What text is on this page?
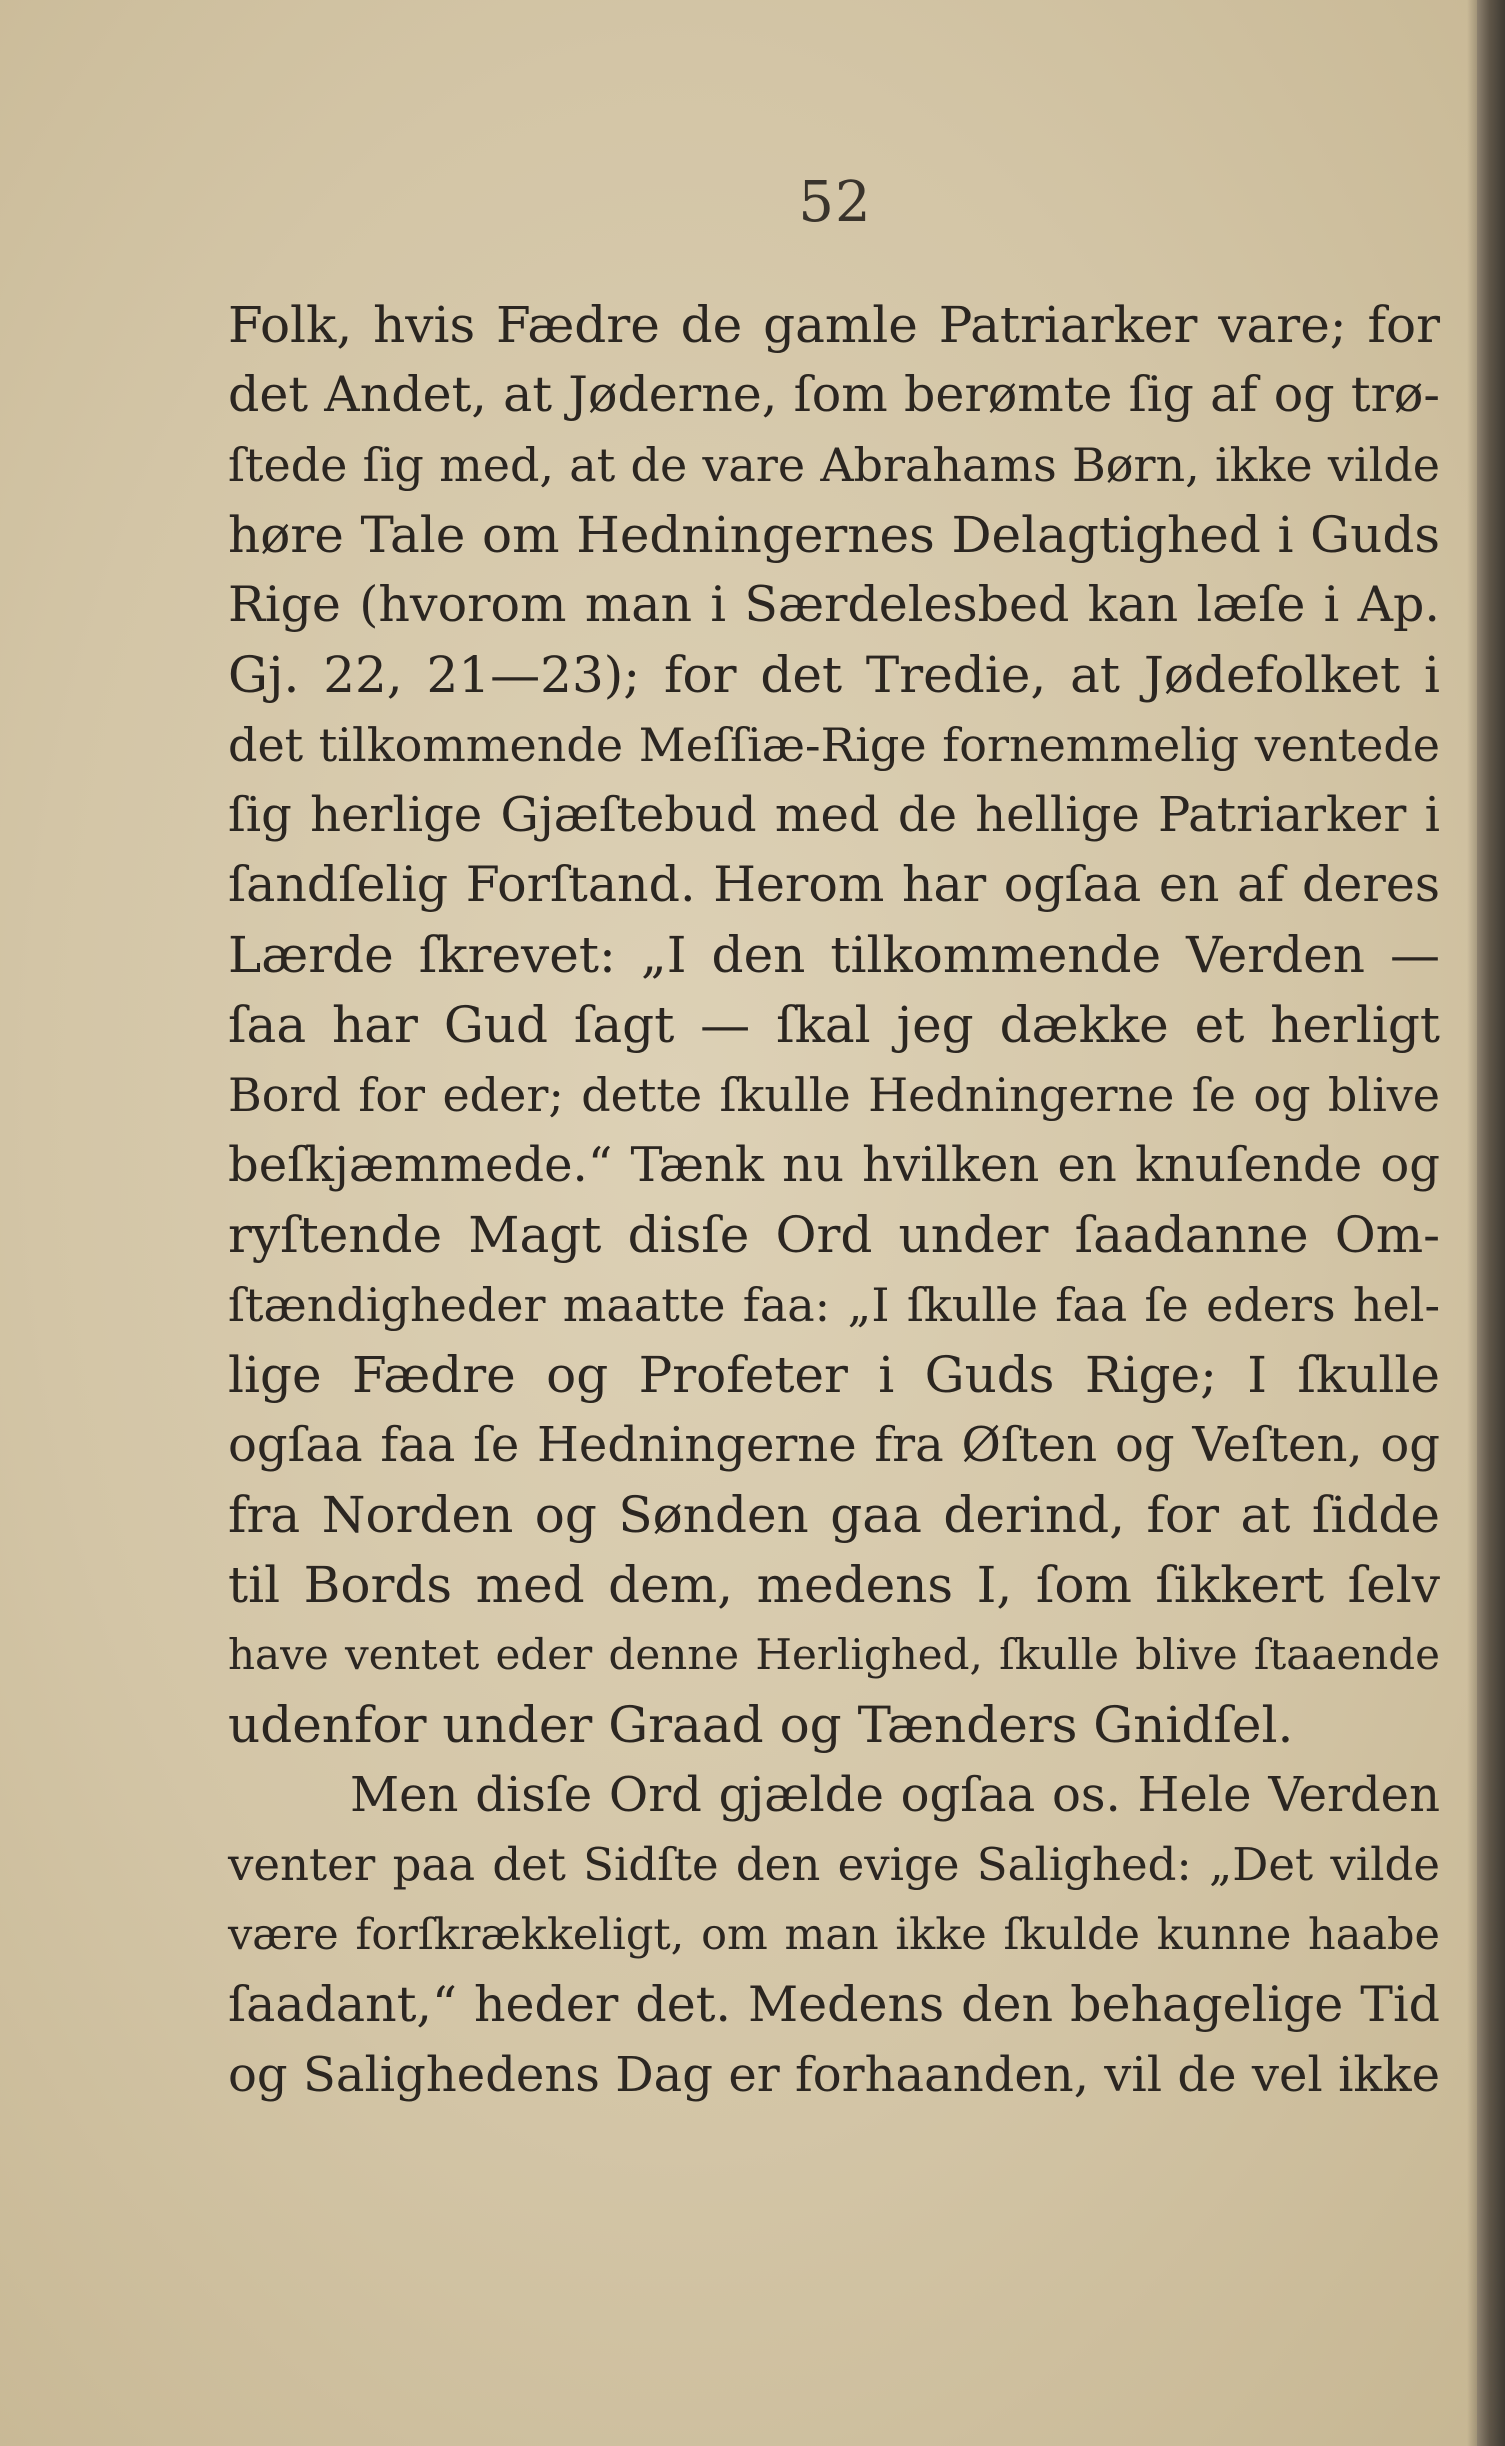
52
Folk, hvis Fædre de gamle Patriarker vare; for
det Andet, at Jøderne, ſom berømte ſig af og trø-
ſtede ſig med, at de vare Abrahams Børn, ikke vilde
høre Tale om Hedningernes Delagtighed i Guds
Rige (hvorom man i Særdelesbed kan læſe i Ap.
Gj. 22, 21—23); for det Tredie, at Jødefolket i
det tilkommende Meſſiæ-Rige fornemmelig ventede
ſig herlige Gjæſtebud med de hellige Patriarker i
ſandſelig Forſtand. Herom har ogſaa en af deres
Lærde ſkrevet: „I den tilkommende Verden —
ſaa har Gud ſagt — ſkal jeg dække et herligt
Bord for eder; dette ſkulle Hedningerne ſe og blive
beſkjæmmede.“ Tænk nu hvilken en knuſende og
ryſtende Magt disſe Ord under ſaadanne Om-
ſtændigheder maatte faa: „I ſkulle faa ſe eders hel-
lige Fædre og Profeter i Guds Rige; I ſkulle
ogſaa faa ſe Hedningerne fra Øſten og Veſten, og
fra Norden og Sønden gaa derind, for at ſidde
til Bords med dem, medens I, ſom ſikkert ſelv
have ventet eder denne Herlighed, ſkulle blive ſtaaende
udenfor under Graad og Tænders Gnidſel.
Men disſe Ord gjælde ogſaa os. Hele Verden
venter paa det Sidſte den evige Salighed: „Det vilde
være forſkrækkeligt, om man ikke ſkulde kunne haabe
ſaadant,“ heder det. Medens den behagelige Tid
og Salighedens Dag er forhaanden, vil de vel ikke
